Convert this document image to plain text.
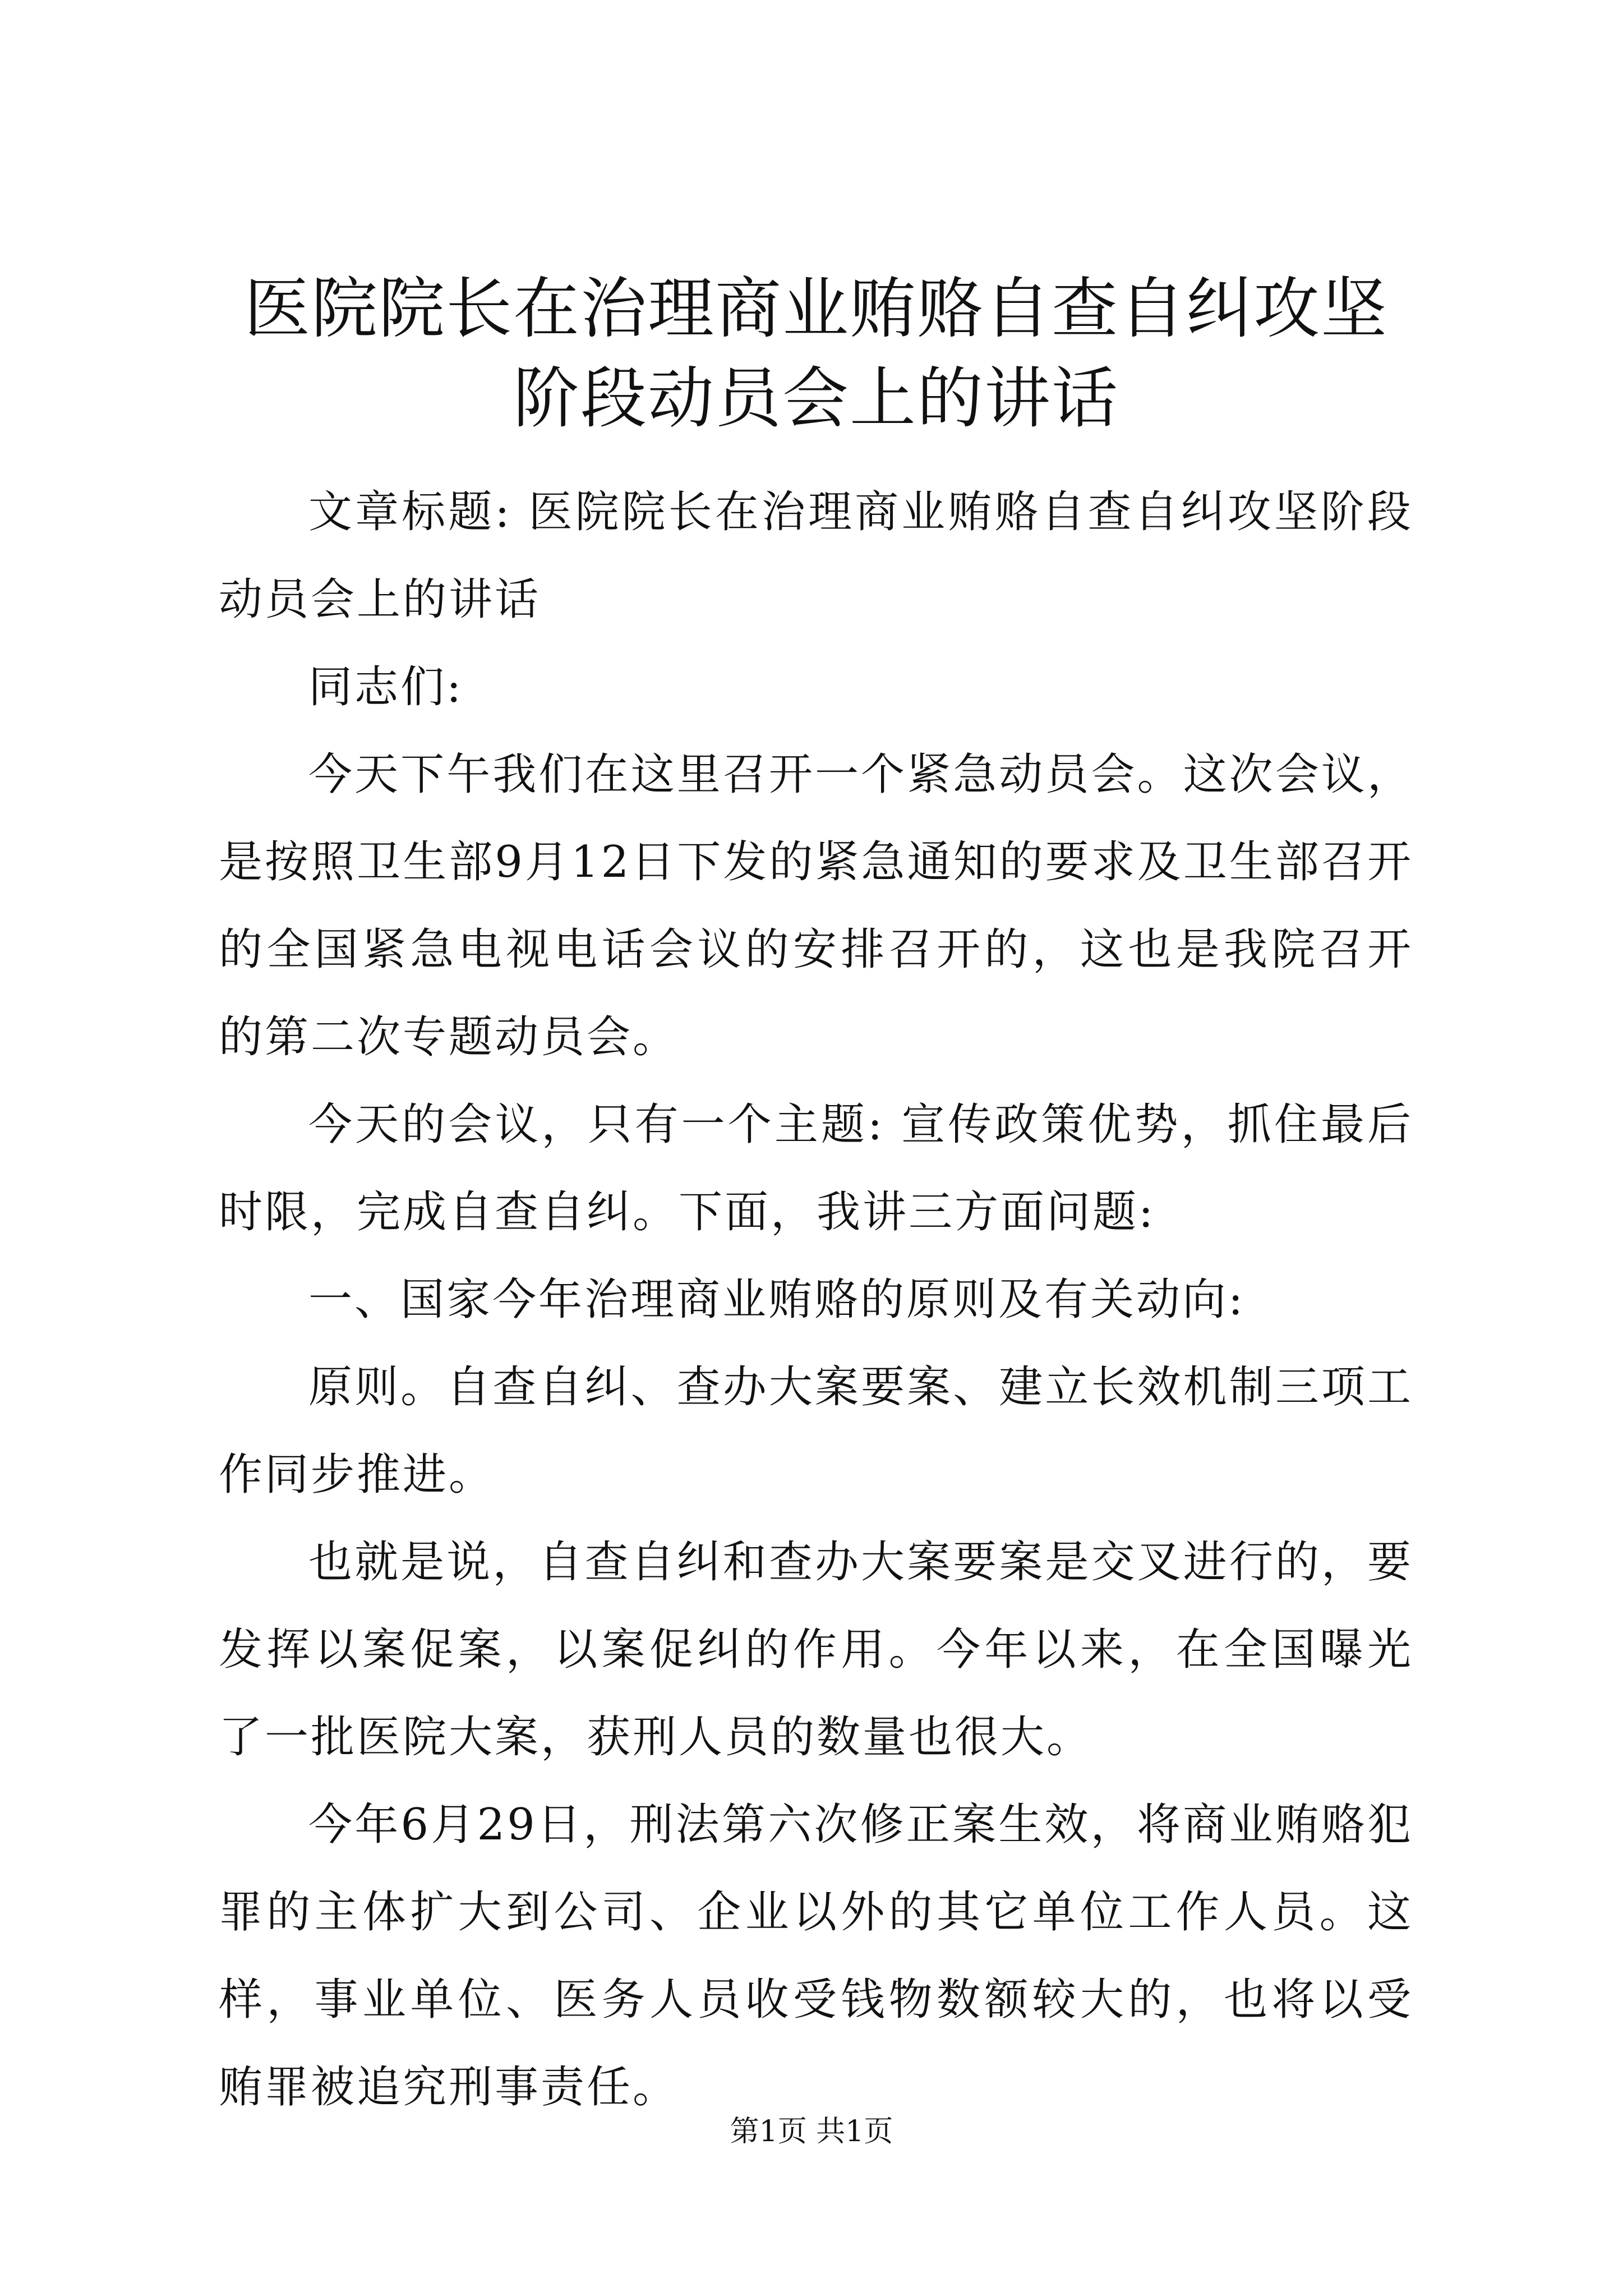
医院院长在治理商业贿赂自查自纠攻坚阶段动员会上的讲话

文章标题: 医院院长在治理商业贿赂自查自纠攻坚阶段动员会上的讲话

同志们:

今天下午我们在这里召开一个紧急动员会。这次会议，是按照卫生部9月12日下发的紧急通知的要求及卫生部召开的全国紧急电视电话会议的安排召开的，这也是我院召开的第二次专题动员会。

今天的会议，只有一个主题: 宣传政策优势，抓住最后时限，完成自查自纠。下面，我讲三方面问题:

一、国家今年治理商业贿赂的原则及有关动向:

原则。自查自纠、查办大案要案、建立长效机制三项工作同步推进。

也就是说，自查自纠和查办大案要案是交叉进行的，要发挥以案促案，以案促纠的作用。今年以来，在全国曝光了一批医院大案，获刑人员的数量也很大。

今年6月29日，刑法第六次修正案生效，将商业贿赂犯罪的主体扩大到公司、企业以外的其它单位工作人员。这样，事业单位、医务人员收受钱物数额较大的，也将以受贿罪被追究刑事责任。

第1页 共1页
